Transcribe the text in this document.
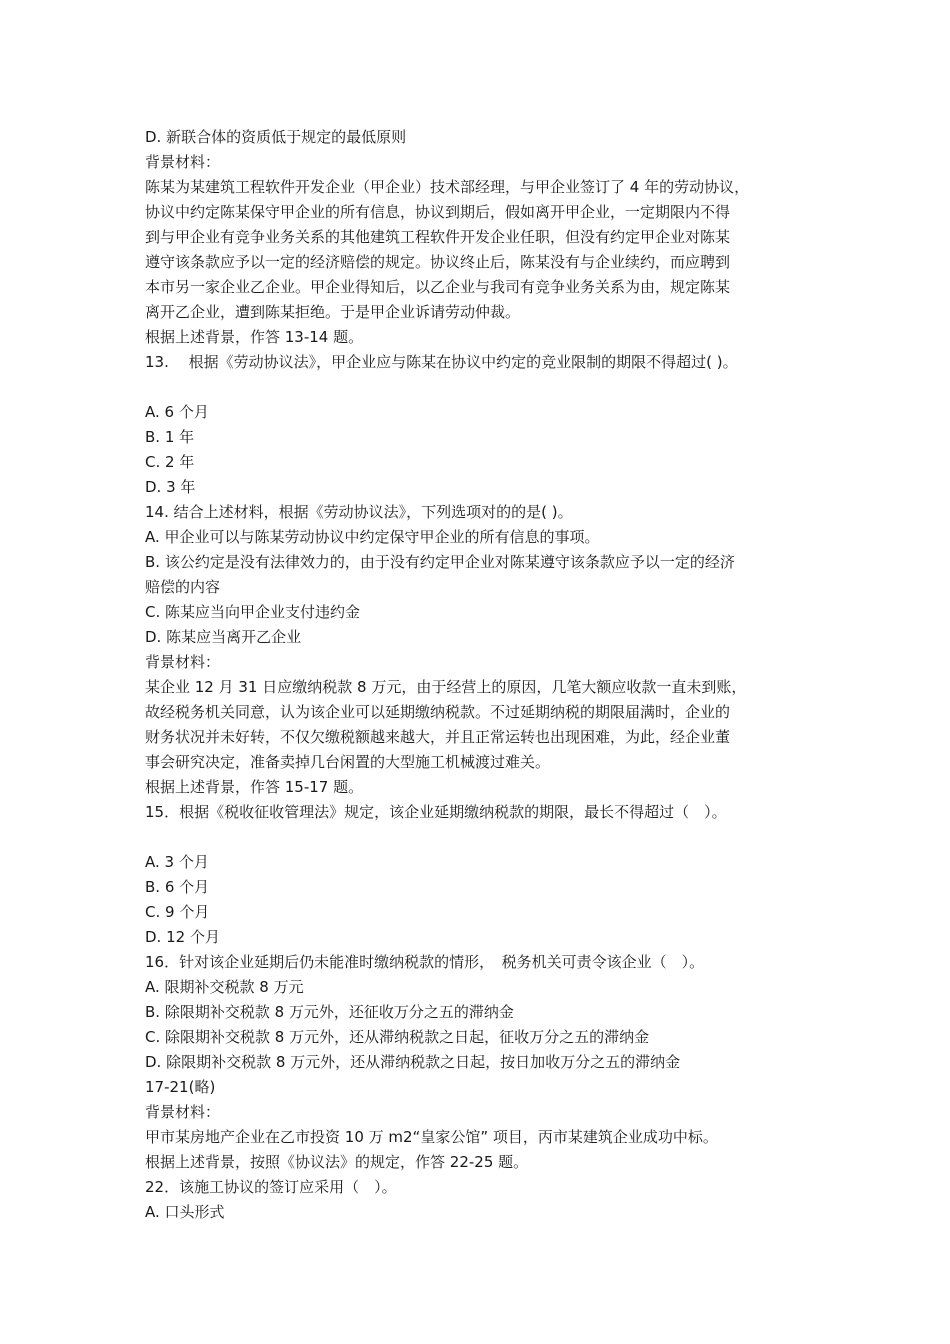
D. 新联合体的资质低于规定的最低原则

背景材料：

陈某为某建筑工程软件开发企业（甲企业）技术部经理，与甲企业签订了 4 年的劳动协议，

协议中约定陈某保守甲企业的所有信息，协议到期后，假如离开甲企业，一定期限内不得

到与甲企业有竞争业务关系的其他建筑工程软件开发企业任职，但没有约定甲企业对陈某

遵守该条款应予以一定的经济赔偿的规定。协议终止后，陈某没有与企业续约，而应聘到

本市另一家企业乙企业。甲企业得知后，以乙企业与我司有竞争业务关系为由，规定陈某

离开乙企业，遭到陈某拒绝。于是甲企业诉请劳动仲裁。

根据上述背景，作答 13-14 题。

13.　 根据《劳动协议法》，甲企业应与陈某在协议中约定的竞业限制的期限不得超过( )。

A. 6 个月

B. 1 年

C. 2 年

D. 3 年

14. 结合上述材料，根据《劳动协议法》，下列选项对的的是( )。

A. 甲企业可以与陈某劳动协议中约定保守甲企业的所有信息的事项。

B. 该公约定是没有法律效力的，由于没有约定甲企业对陈某遵守该条款应予以一定的经济

赔偿的内容

C. 陈某应当向甲企业支付违约金

D. 陈某应当离开乙企业

背景材料：

某企业 12 月 31 日应缴纳税款 8 万元，由于经营上的原因，几笔大额应收款一直未到账，

故经税务机关同意，认为该企业可以延期缴纳税款。不过延期纳税的期限届满时，企业的

财务状况并未好转，不仅欠缴税额越来越大，并且正常运转也出现困难，为此，经企业董

事会研究决定，准备卖掉几台闲置的大型施工机械渡过难关。

根据上述背景，作答 15-17 题。

15．根据《税收征收管理法》规定，该企业延期缴纳税款的期限，最长不得超过（　）。

A. 3 个月

B. 6 个月

C. 9 个月

D. 12 个月

16．针对该企业延期后仍未能准时缴纳税款的情形，　税务机关可责令该企业（　）。

A. 限期补交税款 8 万元

B. 除限期补交税款 8 万元外，还征收万分之五的滞纳金

C. 除限期补交税款 8 万元外，还从滞纳税款之日起，征收万分之五的滞纳金

D. 除限期补交税款 8 万元外，还从滞纳税款之日起，按日加收万分之五的滞纳金

17-21(略)

背景材料：

甲市某房地产企业在乙市投资 10 万 m2“皇家公馆” 项目，丙市某建筑企业成功中标。

根据上述背景，按照《协议法》的规定，作答 22-25 题。

22．该施工协议的签订应采用（　）。

A. 口头形式
